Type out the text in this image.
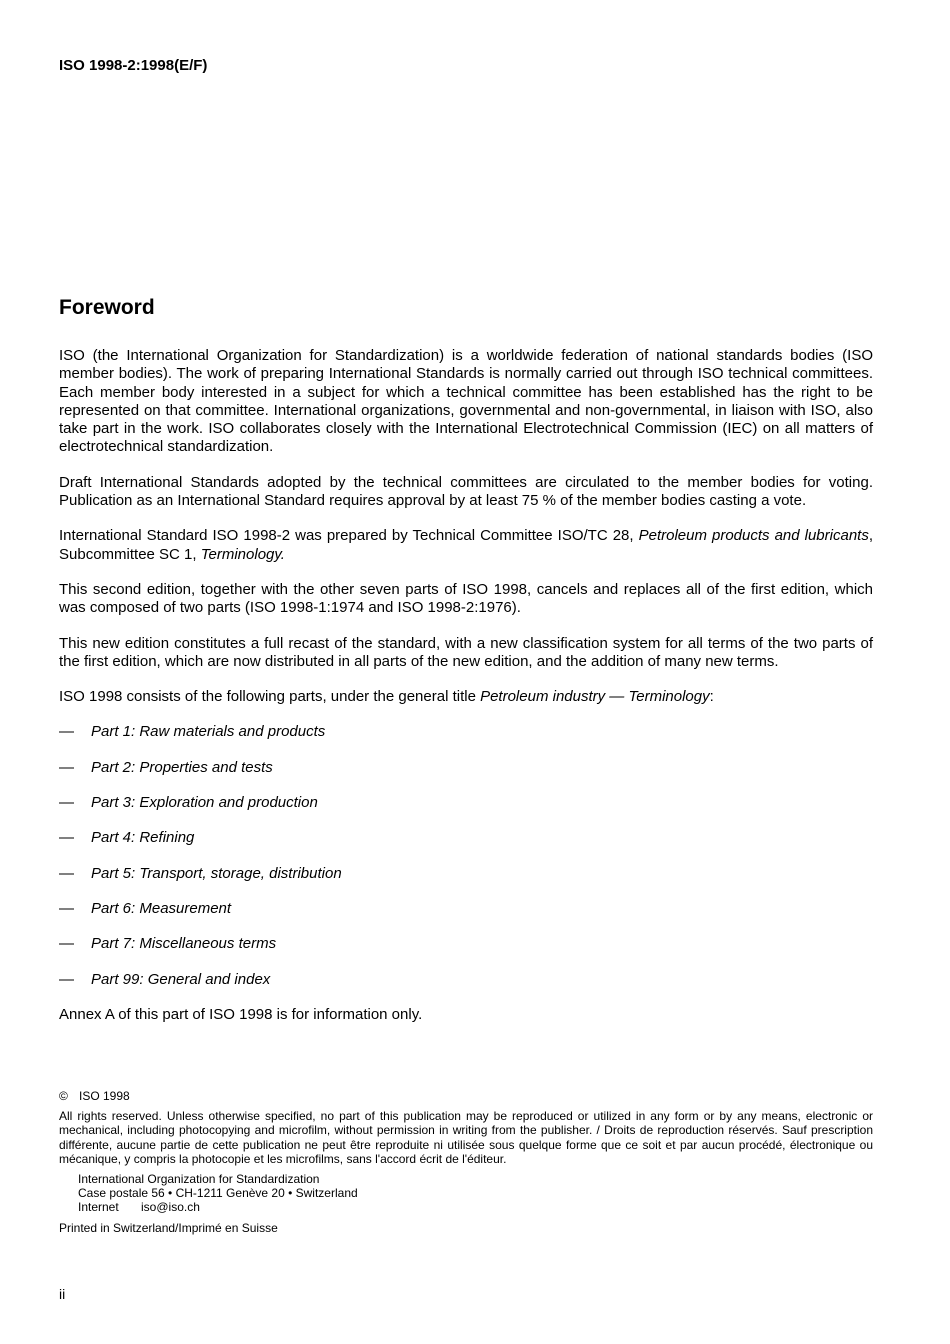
ISO 1998-2:1998(E/F)
Foreword

ISO (the International Organization for Standardization) is a worldwide federation of national standards bodies (ISO member bodies). The work of preparing International Standards is normally carried out through ISO technical committees. Each member body interested in a subject for which a technical committee has been established has the right to be represented on that committee. International organizations, governmental and non-governmental, in liaison with ISO, also take part in the work. ISO collaborates closely with the International Electrotechnical Commission (IEC) on all matters of electrotechnical standardization.

Draft International Standards adopted by the technical committees are circulated to the member bodies for voting. Publication as an International Standard requires approval by at least 75 % of the member bodies casting a vote.

International Standard ISO 1998-2 was prepared by Technical Committee ISO/TC 28, Petroleum products and lubricants, Subcommittee SC 1, Terminology.

This second edition, together with the other seven parts of ISO 1998, cancels and replaces all of the first edition, which was composed of two parts (ISO 1998-1:1974 and ISO 1998-2:1976).

This new edition constitutes a full recast of the standard, with a new classification system for all terms of the two parts of the first edition, which are now distributed in all parts of the new edition, and the addition of many new terms.

ISO 1998 consists of the following parts, under the general title Petroleum industry — Terminology:

—	Part 1: Raw materials and products
—	Part 2: Properties and tests
—	Part 3: Exploration and production
—	Part 4: Refining
—	Part 5: Transport, storage, distribution
—	Part 6: Measurement
—	Part 7: Miscellaneous terms
—	Part 99: General and index

Annex A of this part of ISO 1998 is for information only.

© ISO 1998
All rights reserved. Unless otherwise specified, no part of this publication may be reproduced or utilized in any form or by any means, electronic or mechanical, including photocopying and microfilm, without permission in writing from the publisher. / Droits de reproduction réservés. Sauf prescription différente, aucune partie de cette publication ne peut être reproduite ni utilisée sous quelque forme que ce soit et par aucun procédé, électronique ou mécanique, y compris la photocopie et les microfilms, sans l'accord écrit de l'éditeur.
International Organization for Standardization
Case postale 56 • CH-1211 Genève 20 • Switzerland
Internet iso@iso.ch
Printed in Switzerland/Imprimé en Suisse
ii
